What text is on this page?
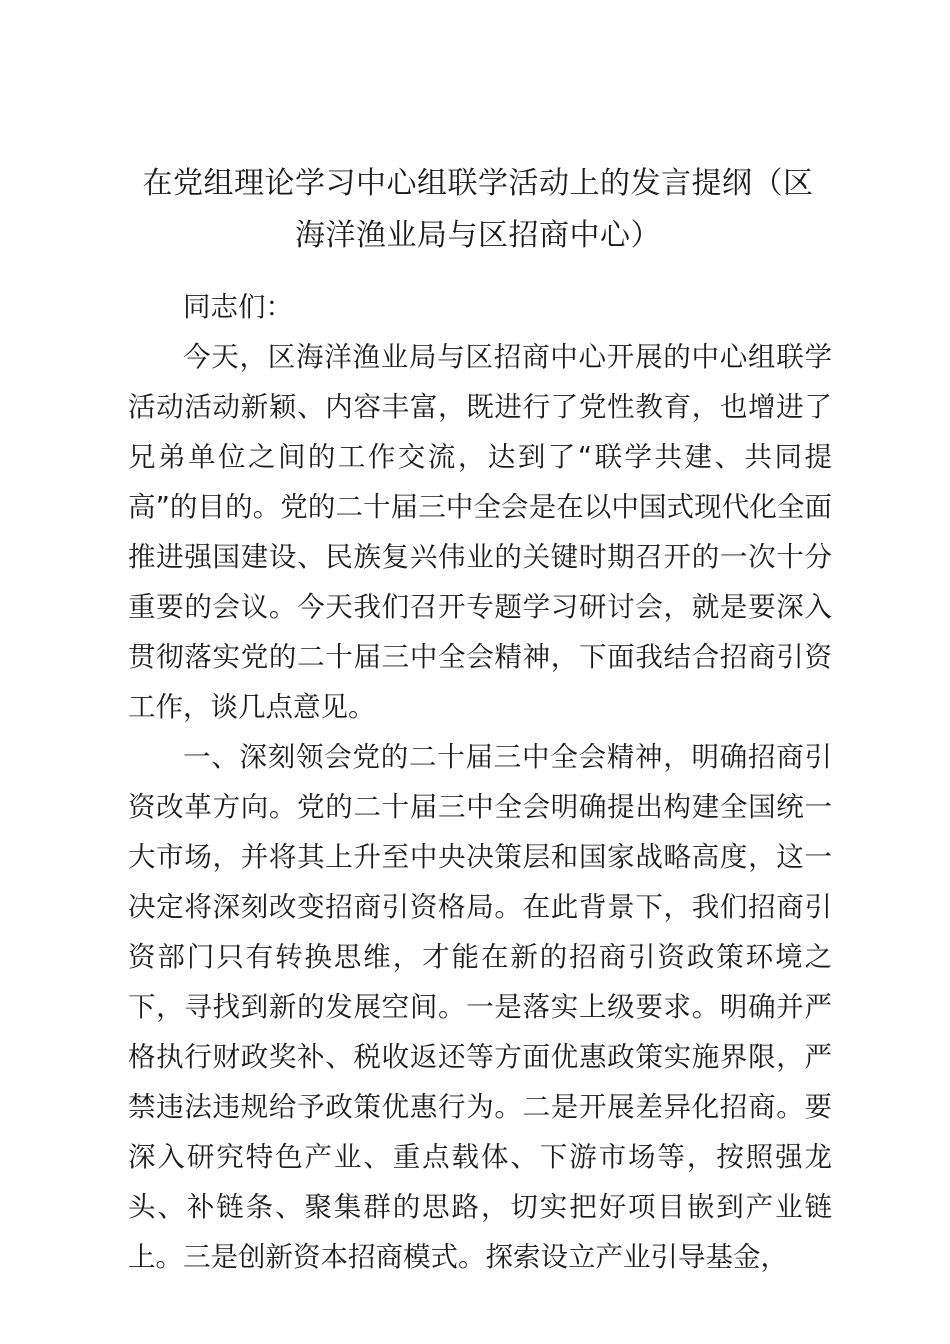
在党组理论学习中心组联学活动上的发言提纲（区海洋渔业局与区招商中心）

同志们：

今天，区海洋渔业局与区招商中心开展的中心组联学活动活动新颖、内容丰富，既进行了党性教育，也增进了兄弟单位之间的工作交流，达到了“联学共建、共同提高”的目的。党的二十届三中全会是在以中国式现代化全面推进强国建设、民族复兴伟业的关键时期召开的一次十分重要的会议。今天我们召开专题学习研讨会，就是要深入贯彻落实党的二十届三中全会精神，下面我结合招商引资工作，谈几点意见。

一、深刻领会党的二十届三中全会精神，明确招商引资改革方向。党的二十届三中全会明确提出构建全国统一大市场，并将其上升至中央决策层和国家战略高度，这一决定将深刻改变招商引资格局。在此背景下，我们招商引资部门只有转换思维，才能在新的招商引资政策环境之下，寻找到新的发展空间。一是落实上级要求。明确并严格执行财政奖补、税收返还等方面优惠政策实施界限，严禁违法违规给予政策优惠行为。二是开展差异化招商。要深入研究特色产业、重点载体、下游市场等，按照强龙头、补链条、聚集群的思路，切实把好项目嵌到产业链上。三是创新资本招商模式。探索设立产业引导基金，
